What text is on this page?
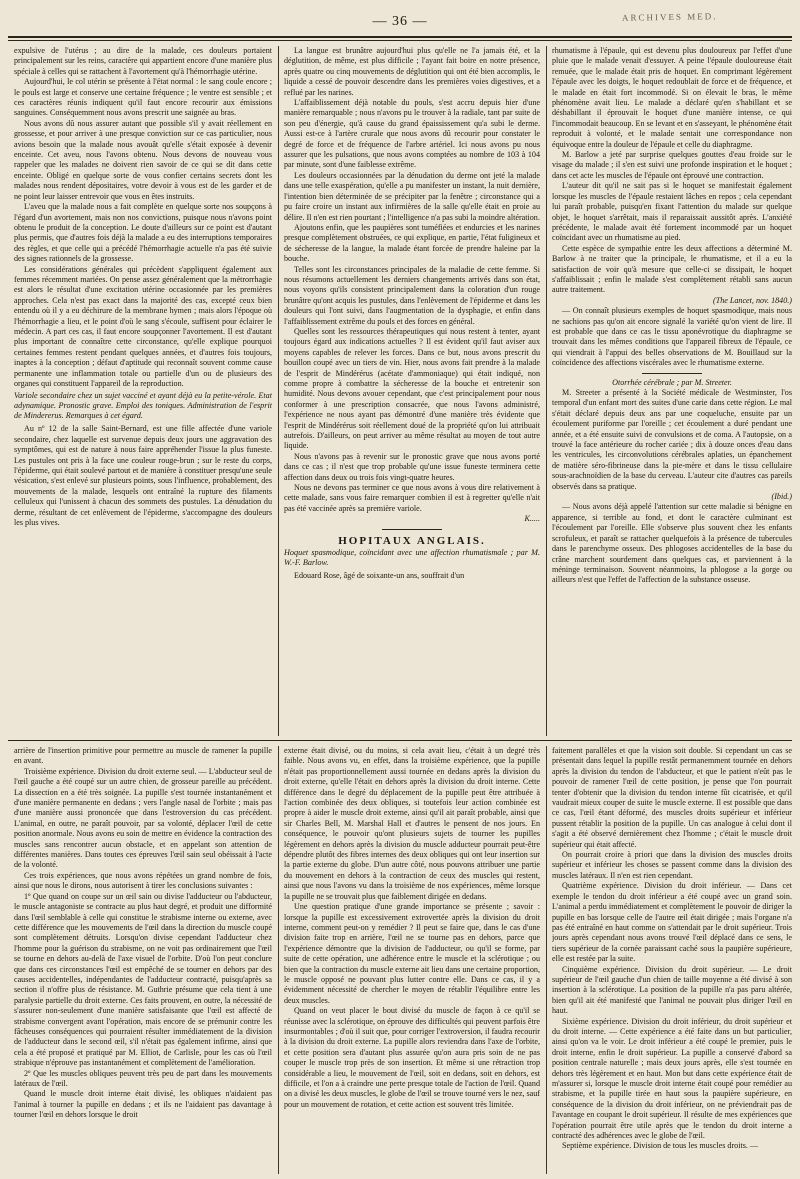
— 36 —	ARCHIVES MED.

expulsive de l'utérus ; au dire de la malade, ces douleurs portaient principalement sur les reins, caractère qui appartient encore d'une manière plus spéciale à celles qui se rattachent à l'avortement qu'à l'hémorrhagie utérine.

Aujourd'hui, le col utérin se présente à l'état normal : le sang coule encore ; le pouls est large et conserve une certaine fréquence ; le ventre est sensible ; et ces caractères réunis indiquent qu'il faut encore recourir aux émissions sanguines. Conséquemment nous avons prescrit une saignée au bras.

Nous avons dû nous assurer autant que possible s'il y avait réellement en grossesse, et pour arriver à une presque conviction sur ce cas particulier, nous avions besoin que la malade nous avouât qu'elle s'était exposée à devenir enceinte. Cet aveu, nous l'avons obtenu. Nous devons de nouveau vous rappeler que les malades ne doivent rien savoir de ce qui se dit dans cette enceinte. Obligé en quelque sorte de vous confier certains secrets dont les malades nous rendent dépositaires, votre devoir à vous est de les garder et de ne point leur laisser entrevoir que vous en êtes instruits.

L'aveu que la malade nous a fait complète en quelque sorte nos soupçons à l'égard d'un avortement, mais non nos convictions, puisque nous n'avons point obtenu le produit de la conception. Le doute d'ailleurs sur ce point est d'autant plus permis, que d'autres fois déjà la malade a eu des interruptions temporaires des règles, et que celle qui a précédé l'hémorrhagie actuelle n'a pas été suivie des signes rationnels de la grossesse.

Les considérations générales qui précèdent s'appliquent également aux femmes récemment mariées. On pense assez généralement que la métrorrhagie est alors le résultat d'une excitation utérine occasionnée par les premières approches. Cela n'est pas exact dans la majorité des cas, excepté ceux bien entendu où il y a eu déchirure de la membrane hymen ; mais alors l'époque où l'hémorrhagie a lieu, et le point d'où le sang s'écoule, suffisent pour éclairer le médecin. A part ces cas, il faut encore soupçonner l'avortement. Il est d'autant plus important de connaître cette circonstance, qu'elle explique pourquoi certaines femmes restent pendant quelques années, et d'autres fois toujours, inaptes à la conception ; défaut d'aptitude qui reconnaît souvent comme cause permanente une inflammation totale ou partielle d'un ou de plusieurs des organes qui constituent l'appareil de la reproduction.

Variole secondaire chez un sujet vacciné et ayant déjà eu la petite-vérole. Etat adynamique. Pronostic grave. Emploi des toniques. Administration de l'esprit de Mindererus. Remarques à cet égard.

Au nº 12 de la salle Saint-Bernard, est une fille affectée d'une variole secondaire, chez laquelle est survenue depuis deux jours une aggravation des symptômes, qui est de nature à nous faire appréhender l'issue la plus funeste. Les pustules ont pris à la face une couleur rouge-brun ; sur le reste du corps, l'épiderme, qui était soulevé partout et de manière à constituer presqu'une seule vésication, s'est enlevé sur plusieurs points, sous l'influence, probablement, des mouvements de la malade, lesquels ont entraîné la rupture des filaments celluleux qui l'unissent à chacun des sommets des pustules. La dénudation du derme, résultant de cet enlèvement de l'épiderme, s'accompagne des douleurs les plus vives.

La langue est brunâtre aujourd'hui plus qu'elle ne l'a jamais été, et la déglutition, de même, est plus difficile ; l'ayant fait boire en notre présence, après quatre ou cinq mouvements de déglutition qui ont été bien accomplis, le liquide a cessé de pouvoir descendre dans les premières voies digestives, et a reflué par les narines.

L'affaiblissement déjà notable du pouls, s'est accru depuis hier d'une manière remarquable ; nous n'avons pu le trouver à la radiale, tant par suite de son peu d'énergie, qu'à cause du grand épaississement qu'a subi le derme. Aussi est-ce à l'artère crurale que nous avons dû recourir pour constater le degré de force et de fréquence de l'arbre artériel. Ici nous avons pu nous assurer que les pulsations, que nous avons comptées au nombre de 103 à 104 par minute, sont d'une faiblesse extrême.

Les douleurs occasionnées par la dénudation du derme ont jeté la malade dans une telle exaspération, qu'elle a pu manifester un instant, la nuit dernière, l'intention bien déterminée de se précipiter par la fenêtre ; circonstance qui a pu faire croire un instant aux infirmières de la salle qu'elle était en proie au délire. Il n'en est rien pourtant ; l'intelligence n'a pas subi la moindre altération.

Ajoutons enfin, que les paupières sont tuméfiées et endurcies et les narines presque complètement obstruées, ce qui explique, en partie, l'état fuligineux et de sécheresse de la langue, la malade étant forcée de prendre haleine par la bouche.

Telles sont les circonstances principales de la maladie de cette femme. Si nous résumons actuellement les derniers changements arrivés dans son état, nous voyons qu'ils consistent principalement dans la coloration d'un rouge brunâtre qu'ont acquis les pustules, dans l'enlèvement de l'épiderme et dans les douleurs qui l'ont suivi, dans l'augmentation de la dysphagie, et enfin dans l'affaiblissement extrême du pouls et des forces en général.

Quelles sont les ressources thérapeutiques qui nous restent à tenter, ayant toujours égard aux indications actuelles ? Il est évident qu'il faut aviser aux moyens capables de relever les forces. Dans ce but, nous avons prescrit du bouillon coupé avec un tiers de vin. Hier, nous avons fait prendre à la malade de l'esprit de Mindérérus (acétate d'ammoniaque) qui était indiqué, non comme propre à combattre la sécheresse de la bouche et entretenir son humidité. Nous devons avouer cependant, que c'est principalement pour nous conformer à une prescription consacrée, que nous l'avons administré, l'expérience ne nous ayant pas démontré d'une manière très évidente que l'esprit de Mindérérus soit réellement doué de la propriété qu'on lui attribuait autrefois. D'ailleurs, on peut arriver au même résultat au moyen de tout autre liquide.

Nous n'avons pas à revenir sur le pronostic grave que nous avons porté dans ce cas ; il n'est que trop probable qu'une issue funeste terminera cette affection dans deux ou trois fois vingt-quatre heures.

Nous ne devons pas terminer ce que nous avons à vous dire relativement à cette malade, sans vous faire remarquer combien il est à regretter qu'elle n'ait pas été vaccinée après sa première variole.

K.....

HOPITAUX ANGLAIS.
Hoquet spasmodique, coïncidant avec une affection rhumatismale ; par M. W.-F. Barlow.

Edouard Rose, âgé de soixante-un ans, souffrait d'un

rhumatisme à l'épaule, qui est devenu plus douloureux par l'effet d'une pluie que le malade venait d'essuyer. A peine l'épaule douloureuse était remuée, que le malade était pris de hoquet. En comprimant légèrement l'épaule avec les doigts, le hoquet redoublait de force et de fréquence, et le malade en était fort incommodé. Si on élevait le bras, le même phénomène avait lieu. Le malade a déclaré qu'en s'habillant et se déshabillant il éprouvait le hoquet d'une manière intense, ce qui l'incommodait beaucoup. En se levant et en s'asseyant, le phénomène était reproduit à volonté, et le malade sentait une correspondance non équivoque entre la douleur de l'épaule et celle du diaphragme.

M. Barlow a jeté par surprise quelques gouttes d'eau froide sur le visage du malade ; il s'en est suivi une profonde inspiration et le hoquet ; dans cet acte les muscles de l'épaule ont éprouvé une contraction.

L'auteur dit qu'il ne sait pas si le hoquet se manifestait également lorsque les muscles de l'épaule restaient lâches en repos ; cela cependant lui paraît probable, puisqu'en fixant l'attention du malade sur quelque objet, le hoquet s'arrêtait, mais il reparaissait aussitôt après. L'anxiété précédente, le malade avait été fortement incommodé par un hoquet coïncidant avec un rhumatisme au pied.

Cette espèce de sympathie entre les deux affections a déterminé M. Barlow à ne traiter que la principale, le rhumatisme, et il a eu la satisfaction de voir qu'à mesure que celle-ci se dissipait, le hoquet s'affaiblissait ; enfin le malade s'est complètement rétabli sans aucun autre traitement.

(The Lancet, nov. 1840.)

— On connaît plusieurs exemples de hoquet spasmodique, mais nous ne sachions pas qu'on ait encore signalé la variété qu'on vient de lire. Il est probable que dans ce cas le tissu aponévrotique du diaphragme se trouvait dans les mêmes conditions que l'appareil fibreux de l'épaule, ce qui viendrait à l'appui des belles observations de M. Bouillaud sur la coïncidence des affections viscérales avec le rhumatisme externe.

Otorrhée cérébrale ; par M. Streeter.

M. Streeter a présenté à la Société médicale de Westminster, l'os temporal d'un enfant mort des suites d'une carie dans cette région. Le mal s'était déclaré depuis deux ans par une coqueluche, ensuite par un écoulement puriforme par l'oreille ; cet écoulement a duré pendant une année, et a été ensuite suivi de convulsions et de coma. A l'autopsie, on a trouvé la face antérieure du rocher cariée ; dix à douze onces d'eau dans les ventricules, les circonvolutions cérébrales aplaties, un épanchement de matière séro-fibrineuse dans la pie-mère et dans le tissu cellulaire sous-arachnoïdien de la base du cerveau. L'auteur cite d'autres cas pareils observés dans sa pratique.

(Ibid.)

— Nous avons déjà appelé l'attention sur cette maladie si bénigne en apparence, si terrible au fond, et dont le caractère culminant est l'écoulement par l'oreille. Elle s'observe plus souvent chez les enfants scrofuleux, et paraît se rattacher quelquefois à la présence de tubercules dans le parenchyme osseux. Des phlogoses accidentelles de la base du crâne marchent sourdement dans quelques cas, et parviennent à la méninge terminaison. Souvent néanmoins, la phlogose a la gorge ou ailleurs n'est que l'effet de l'affection de la substance osseuse.

arrière de l'insertion primitive pour permettre au muscle de ramener la pupille en avant.

Troisième expérience. Division du droit externe seul. — L'abducteur seul de l'œil gauche a été coupé sur un autre chien, de grosseur pareille au précédent. La dissection en a été très soignée. La pupille s'est tournée instantanément et d'une manière permanente en dedans ; vers l'angle nasal de l'orbite ; mais pas d'une manière aussi prononcée que dans l'estroversion du cas précédent. L'animal, en outre, ne paraît pouvoir, par sa volonté, déplacer l'œil de cette position anormale. Nous avons eu soin de mettre en évidence la contraction des muscles sans rencontrer aucun obstacle, et en appelant son attention de différentes manières. Dans toutes ces épreuves l'œil sain seul obéissait à l'acte de la volonté.

Ces trois expériences, que nous avons répétées un grand nombre de fois, ainsi que nous le dirons, nous autorisent à tirer les conclusions suivantes :

1º Que quand on coupe sur un œil sain ou divise l'adducteur ou l'abducteur, le muscle antagoniste se contracte au plus haut degré, et produit une difformité dans l'œil semblable à celle qui constitue le strabisme interne ou externe, avec cette différence que les mouvements de l'œil dans la direction du muscle coupé sont complètement détruits. Lorsqu'on divise cependant l'adducteur chez l'homme pour la guérison du strabisme, on ne voit pas ordinairement que l'œil se tourne en dehors au-delà de l'axe visuel de l'orbite. D'où l'on peut conclure que dans ces circonstances l'œil est empêché de se tourner en dehors par des causes accidentelles, indépendantes de l'adducteur contracté, puisqu'après sa section il n'offre plus de résistance. M. Guthrie présume que cela tient à une paralysie partielle du droit externe. Ces faits prouvent, en outre, la nécessité de s'assurer non-seulement d'une manière satisfaisante que l'œil est affecté de strabisme convergent avant l'opération, mais encore de se prémunir contre les fâcheuses conséquences qui pourraient résulter immédiatement de la division de l'adducteur dans le second œil, s'il n'était pas également infirme, ainsi que cela a été proposé et pratiqué par M. Elliot, de Carlisle, pour les cas où l'œil strabique n'éprouve pas instantanément et complètement de l'amélioration.

2º Que les muscles obliques peuvent très peu de part dans les mouvements latéraux de l'œil.

Quand le muscle droit interne était divisé, les obliques n'aidaient pas l'animal à tourner la pupille en dedans ; et ils ne l'aidaient pas davantage à tourner l'œil en dehors lorsque le droit

externe était divisé, ou du moins, si cela avait lieu, c'était à un degré très faible. Nous avons vu, en effet, dans la troisième expérience, que la pupille n'était pas proportionnellement aussi tournée en dedans après la division du droit externe, qu'elle l'était en dehors après la division du droit interne. Cette différence dans le degré du déplacement de la pupille peut être attribuée à l'action combinée des deux obliques, si toutefois leur action combinée est propre à aider le muscle droit externe, ainsi qu'il ait paraît probable, ainsi que sir Charles Bell, M. Marshal Hall et d'autres le pensent de nos jours. En conséquence, le pouvoir qu'ont plusieurs sujets de tourner les pupilles légèrement en dehors après la division du muscle adducteur pourrait peut-être dépendre plutôt des fibres internes des deux obliques qui ont leur insertion sur la partie externe du globe. D'un autre côté, nous pouvons attribuer une partie du mouvement en dehors à la contraction de ceux des muscles qui restent, ainsi que nous l'avons vu dans la troisième de nos expériences, même lorsque la pupille ne se trouvait plus que faiblement dirigée en dedans.

Une question pratique d'une grande importance se présente ; savoir : lorsque la pupille est excessivement extrovertée après la division du droit interne, comment peut-on y remédier ? Il peut se faire que, dans le cas d'une division faite trop en arrière, l'œil ne se tourne pas en dehors, parce que l'expérience démontre que la division de l'adducteur, ou qu'il se forme, par suite de cette opération, une adhérence entre le muscle et la sclérotique ; ou bien que la contraction du muscle externe ait lieu dans une certaine proportion, le muscle opposé ne pouvant plus lutter contre elle. Dans ce cas, il y a évidemment nécessité de chercher le moyen de rétablir l'équilibre entre les deux muscles.

Quand on veut placer le bout divisé du muscle de façon à ce qu'il se réunisse avec la sclérotique, on éprouve des difficultés qui peuvent parfois être insurmontables ; d'où il suit que, pour corriger l'extroversion, il faudra recourir à la division du droit externe. La pupille alors reviendra dans l'axe de l'orbite, et cette position sera d'autant plus assurée qu'on aura pris soin de ne pas couper le muscle trop près de son insertion. Et même si une rétraction trop considérable a lieu, le mouvement de l'œil, soit en dedans, soit en dehors, est difficile, et l'on a à craindre une perte presque totale de l'action de l'œil. Quand on a divisé les deux muscles, le globe de l'œil se trouve tourné vers le nez, sauf pour un mouvement de rotation, et cette action est souvent très limitée.

faitement parallèles et que la vision soit double. Si cependant un cas se présentait dans lequel la pupille restât permanemment tournée en dehors après la division du tendon de l'abducteur, et que le patient n'eût pas le pouvoir de ramener l'œil de cette position, je pense que l'on pourrait tenter d'obtenir que la division du tendon interne fût cicatrisée, et qu'il vaudrait mieux couper de suite le muscle externe. Il est possible que dans ce cas, l'œil étant déformé, des muscles droits supérieur et inférieur pussent rétablir la position de la pupille. Un cas analogue à celui dont il s'agit a été observé dernièrement chez l'homme ; c'était le muscle droit supérieur qui était affecté.

On pourrait croire à priori que dans la division des muscles droits supérieur et inférieur les choses se passent comme dans la division des muscles latéraux. Il n'en est rien cependant.

Quatrième expérience. Division du droit inférieur. — Dans cet exemple le tendon du droit inférieur a été coupé avec un grand soin. L'animal a perdu immédiatement et complètement le pouvoir de diriger la pupille en bas lorsque celle de l'autre œil était dirigée ; mais l'organe n'a pas été entraîné en haut comme on s'attendait par le droit supérieur. Trois jours après cependant nous avons trouvé l'œil déplacé dans ce sens, le tiers supérieur de la cornée paraissant caché sous la paupière supérieure, elle est restée par la suite.

Cinquième expérience. Division du droit supérieur. — Le droit supérieur de l'œil gauche d'un chien de taille moyenne a été divisé à son insertion à la sclérotique. La position de la pupille n'a pas paru altérée, bien qu'il ait été manifesté que l'animal ne pouvait plus diriger l'œil en haut.

Sixième expérience. Division du droit inférieur, du droit supérieur et du droit interne. — Cette expérience a été faite dans un but particulier, ainsi qu'on va le voir. Le droit inférieur a été coupé le premier, puis le droit interne, enfin le droit supérieur. La pupille a conservé d'abord sa position centrale naturelle ; mais deux jours après, elle s'est tournée en dehors très légèrement et en haut. Mon but dans cette expérience était de m'assurer si, lorsque le muscle droit interne était coupé pour remédier au strabisme, et la pupille tirée en haut sous la paupière supérieure, en conséquence de la division du droit inférieur, on ne préviendrait pas de l'avantage en coupant le droit supérieur. Il résulte de mes expériences que l'opération pourrait être utile après que le tendon du droit interne a contracté des adhérences avec le globe de l'œil.

Septième expérience. Division de tous les muscles droits. —
